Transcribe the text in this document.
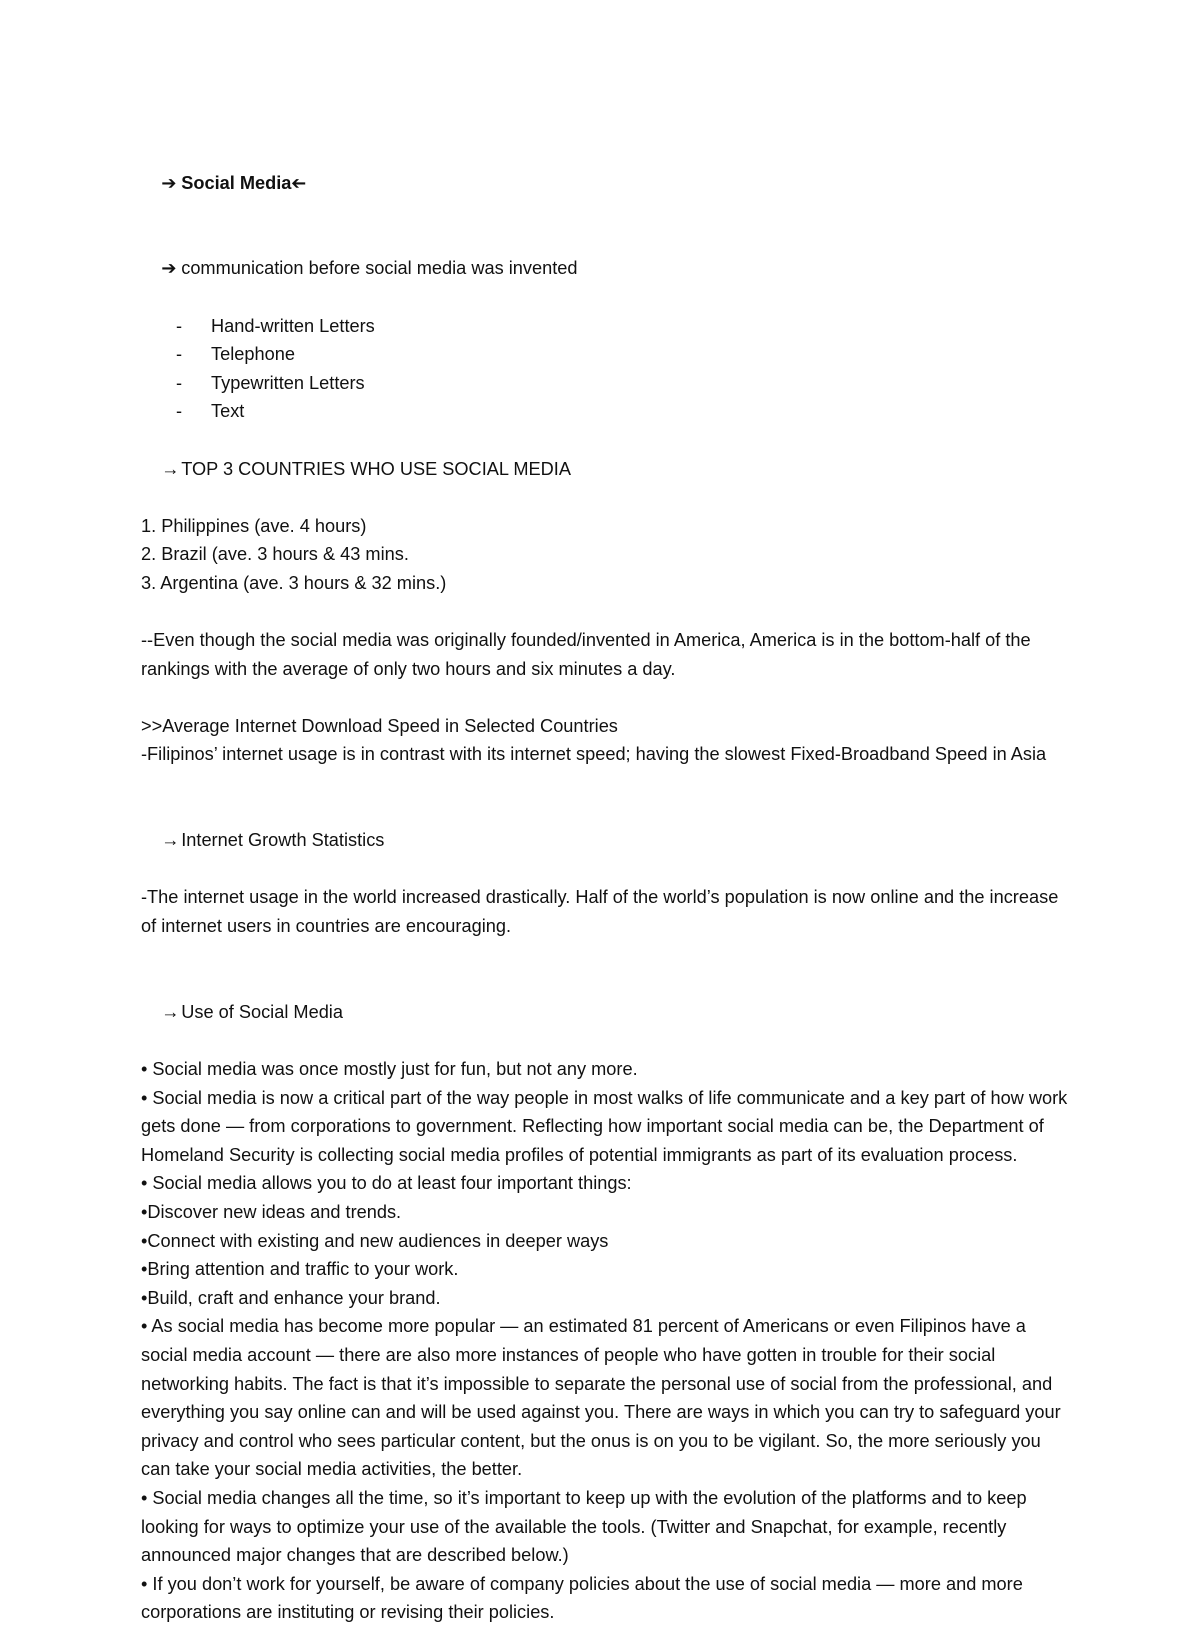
➔ Social Media➔

➔ communication before social media was invented

- Hand-written Letters
- Telephone
- Typewritten Letters
- Text

→TOP 3 COUNTRIES WHO USE SOCIAL MEDIA

1. Philippines (ave. 4 hours)
2. Brazil (ave. 3 hours & 43 mins.
3. Argentina (ave. 3 hours & 32 mins.)

--Even though the social media was originally founded/invented in America, America is in the bottom-half of the rankings with the average of only two hours and six minutes a day.

>>Average Internet Download Speed in Selected Countries

-Filipinos’ internet usage is in contrast with its internet speed; having the slowest Fixed-Broadband Speed in Asia

→Internet Growth Statistics

-The internet usage in the world increased drastically. Half of the world’s population is now online and the increase of internet users in countries are encouraging.

→Use of Social Media

• Social media was once mostly just for fun, but not any more.

• Social media is now a critical part of the way people in most walks of life communicate and a key part of how work gets done — from corporations to government. Reflecting how important social media can be, the Department of Homeland Security is collecting social media profiles of potential immigrants as part of its evaluation process.

• Social media allows you to do at least four important things:

•Discover new ideas and trends.

•Connect with existing and new audiences in deeper ways

•Bring attention and traffic to your work.

•Build, craft and enhance your brand.

• As social media has become more popular — an estimated 81 percent of Americans or even Filipinos have a social media account — there are also more instances of people who have gotten in trouble for their social networking habits. The fact is that it’s impossible to separate the personal use of social from the professional, and everything you say online can and will be used against you. There are ways in which you can try to safeguard your privacy and control who sees particular content, but the onus is on you to be vigilant. So, the more seriously you can take your social media activities, the better.

• Social media changes all the time, so it’s important to keep up with the evolution of the platforms and to keep looking for ways to optimize your use of the available the tools. (Twitter and Snapchat, for example, recently announced major changes that are described below.)

• If you don’t work for yourself, be aware of company policies about the use of social media — more and more corporations are instituting or revising their policies.
